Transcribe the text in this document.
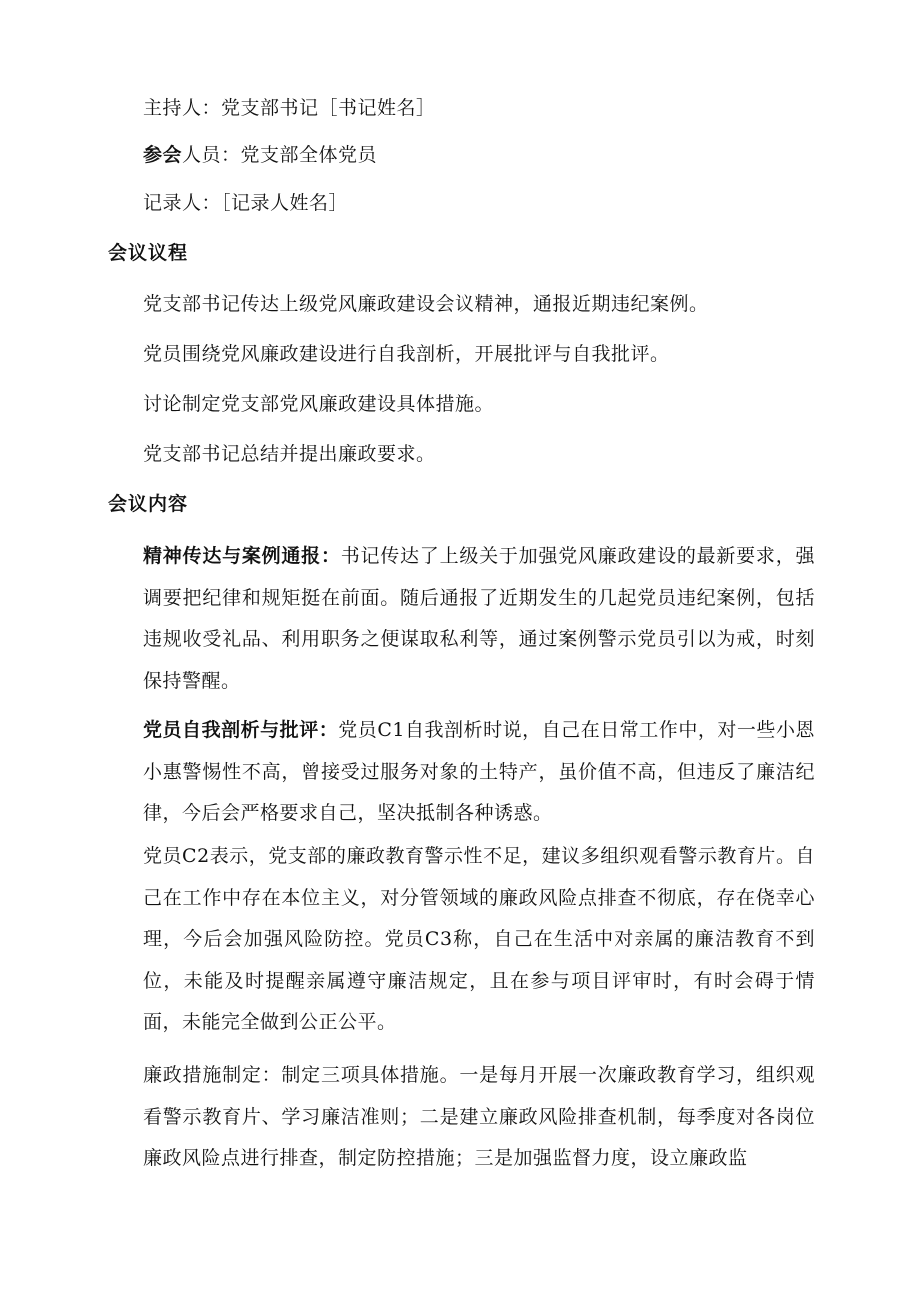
主持人：党支部书记［书记姓名］
参会人员：党支部全体党员
记录人：［记录人姓名］
会议议程
党支部书记传达上级党风廉政建设会议精神，通报近期违纪案例。
党员围绕党风廉政建设进行自我剖析，开展批评与自我批评。
讨论制定党支部党风廉政建设具体措施。
党支部书记总结并提出廉政要求。
会议内容
精神传达与案例通报：书记传达了上级关于加强党风廉政建设的最新要求，强调要把纪律和规矩挺在前面。随后通报了近期发生的几起党员违纪案例，包括违规收受礼品、利用职务之便谋取私利等，通过案例警示党员引以为戒，时刻保持警醒。
党员自我剖析与批评：党员C1自我剖析时说，自己在日常工作中，对一些小恩小惠警惕性不高，曾接受过服务对象的土特产，虽价值不高，但违反了廉洁纪律，今后会严格要求自己，坚决抵制各种诱惑。
党员C2表示，党支部的廉政教育警示性不足，建议多组织观看警示教育片。自己在工作中存在本位主义，对分管领域的廉政风险点排查不彻底，存在侥幸心理，今后会加强风险防控。党员C3称，自己在生活中对亲属的廉洁教育不到位，未能及时提醒亲属遵守廉洁规定，且在参与项目评审时，有时会碍于情面，未能完全做到公正公平。
廉政措施制定：制定三项具体措施。一是每月开展一次廉政教育学习，组织观看警示教育片、学习廉洁准则；二是建立廉政风险排查机制，每季度对各岗位廉政风险点进行排查，制定防控措施；三是加强监督力度，设立廉政监
